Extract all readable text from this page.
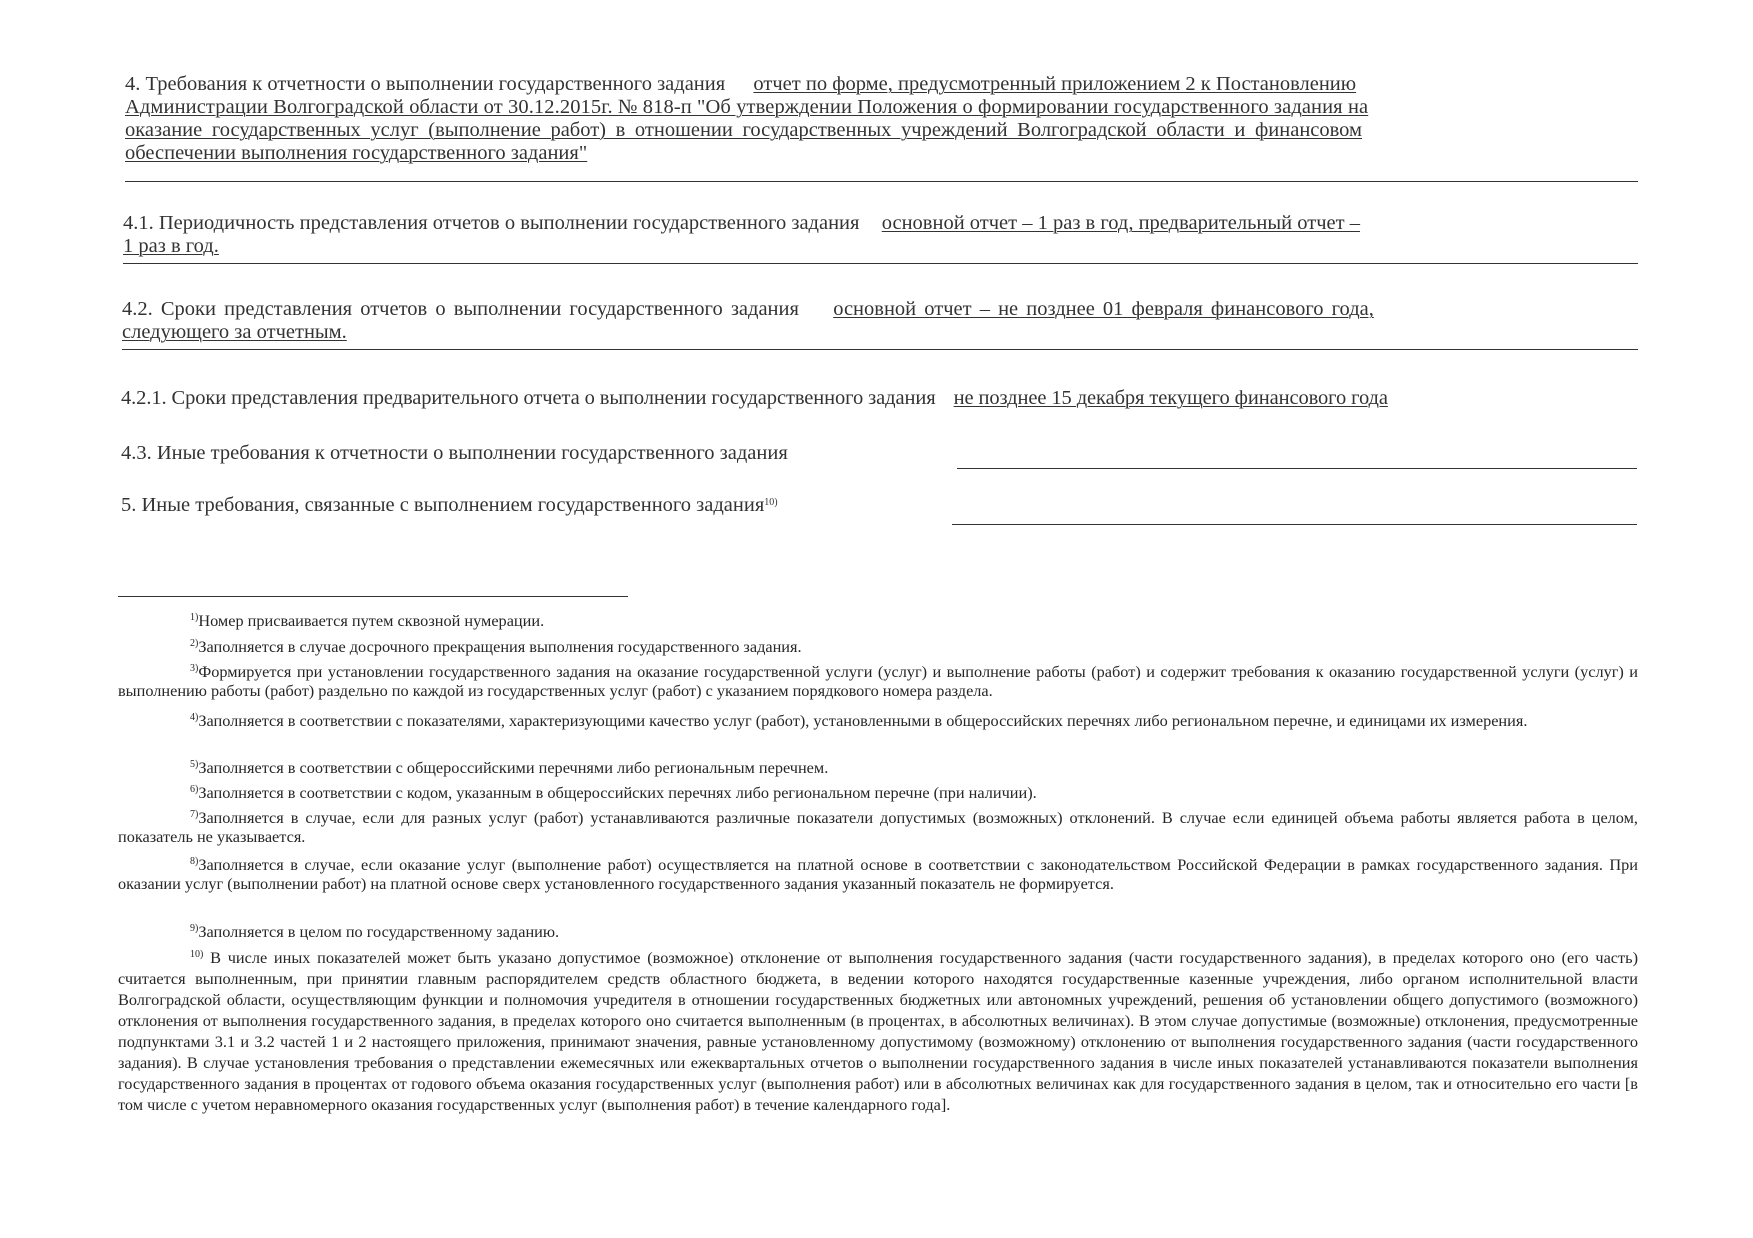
4. Требования к отчетности о выполнении государственного задания отчет по форме, предусмотренный приложением 2 к Постановлению
Администрации Волгоградской области от 30.12.2015г. № 818-п "Об утверждении Положения о формировании государственного задания на
оказание государственных услуг (выполнение работ) в отношении государственных учреждений Волгоградской области и финансовом
обеспечении выполнения государственного задания"
4.1. Периодичность представления отчетов о выполнении государственного задания основной отчет – 1 раз в год, предварительный отчет –
1 раз в год.
4.2. Сроки представления отчетов о выполнении государственного задания основной отчет – не позднее 01 февраля финансового года,
следующего за отчетным.
4.2.1. Сроки представления предварительного отчета о выполнении государственного задания не позднее 15 декабря текущего финансового года
4.3. Иные требования к отчетности о выполнении государственного задания
5. Иные требования, связанные с выполнением государственного задания$^{10)}$
$^{1)}$Номер присваивается путем сквозной нумерации.
$^{2)}$Заполняется в случае досрочного прекращения выполнения государственного задания.
$^{3)}$Формируется при установлении государственного задания на оказание государственной услуги (услуг) и выполнение работы (работ) и содержит требования к оказанию государственной услуги (услуг) и выполнению работы (работ) раздельно по каждой из государственных услуг (работ) с указанием порядкового номера раздела.
$^{4)}$Заполняется в соответствии с показателями, характеризующими качество услуг (работ), установленными в общероссийских перечнях либо региональном перечне, и единицами их измерения.
$^{5)}$Заполняется в соответствии с общероссийскими перечнями либо региональным перечнем.
$^{6)}$Заполняется в соответствии с кодом, указанным в общероссийских перечнях либо региональном перечне (при наличии).
$^{7)}$Заполняется в случае, если для разных услуг (работ) устанавливаются различные показатели допустимых (возможных) отклонений. В случае если единицей объема работы является работа в целом, показатель не указывается.
$^{8)}$Заполняется в случае, если оказание услуг (выполнение работ) осуществляется на платной основе в соответствии с законодательством Российской Федерации в рамках государственного задания. При оказании услуг (выполнении работ) на платной основе сверх установленного государственного задания указанный показатель не формируется.
$^{9)}$Заполняется в целом по государственному заданию.
$^{10)}$ В числе иных показателей может быть указано допустимое (возможное) отклонение от выполнения государственного задания (части государственного задания), в пределах которого оно (его часть) считается выполненным, при принятии главным распорядителем средств областного бюджета, в ведении которого находятся государственные казенные учреждения, либо органом исполнительной власти Волгоградской области, осуществляющим функции и полномочия учредителя в отношении государственных бюджетных или автономных учреждений, решения об установлении общего допустимого (возможного) отклонения от выполнения государственного задания, в пределах которого оно считается выполненным (в процентах, в абсолютных величинах). В этом случае допустимые (возможные) отклонения, предусмотренные подпунктами 3.1 и 3.2 частей 1 и 2 настоящего приложения, принимают значения, равные установленному допустимому (возможному) отклонению от выполнения государственного задания (части государственного задания). В случае установления требования о представлении ежемесячных или ежеквартальных отчетов о выполнении государственного задания в числе иных показателей устанавливаются показатели выполнения государственного задания в процентах от годового объема оказания государственных услуг (выполнения работ) или в абсолютных величинах как для государственного задания в целом, так и относительно его части [в том числе с учетом неравномерного оказания государственных услуг (выполнения работ) в течение календарного года].
